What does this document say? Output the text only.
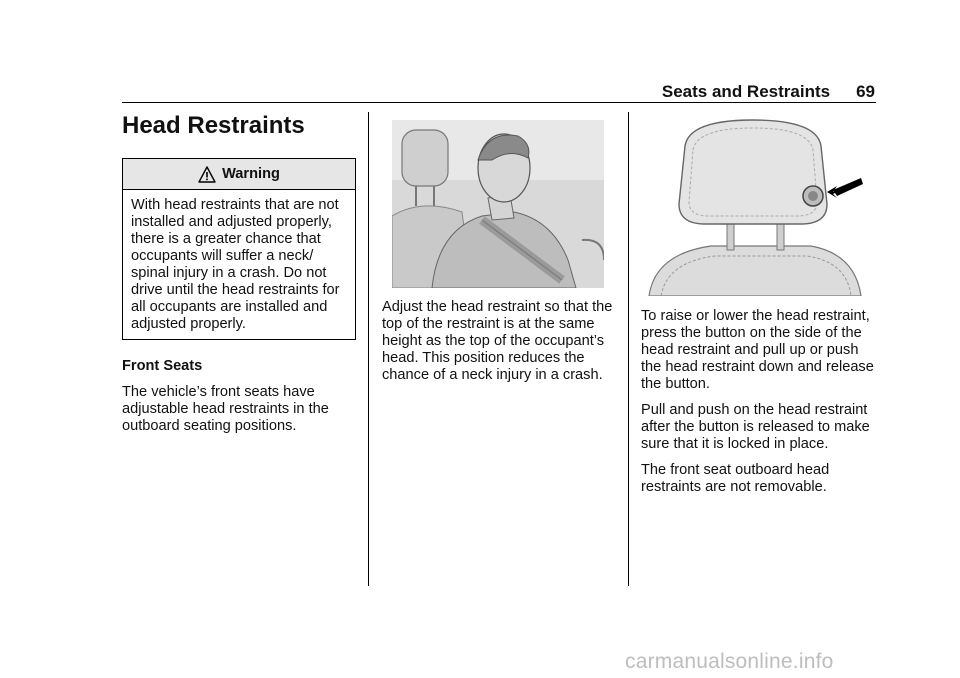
Seats and Restraints 69
Head Restraints
Warning
With head restraints that are not installed and adjusted properly, there is a greater chance that occupants will suffer a neck/ spinal injury in a crash. Do not drive until the head restraints for all occupants are installed and adjusted properly.
Front Seats

The vehicle’s front seats have adjustable head restraints in the outboard seating positions.

Adjust the head restraint so that the top of the restraint is at the same height as the top of the occupant’s head. This position reduces the chance of a neck injury in a crash.

To raise or lower the head restraint, press the button on the side of the head restraint and pull up or push the head restraint down and release the button.

Pull and push on the head restraint after the button is released to make sure that it is locked in place.

The front seat outboard head restraints are not removable.

carmanualsonline.info
